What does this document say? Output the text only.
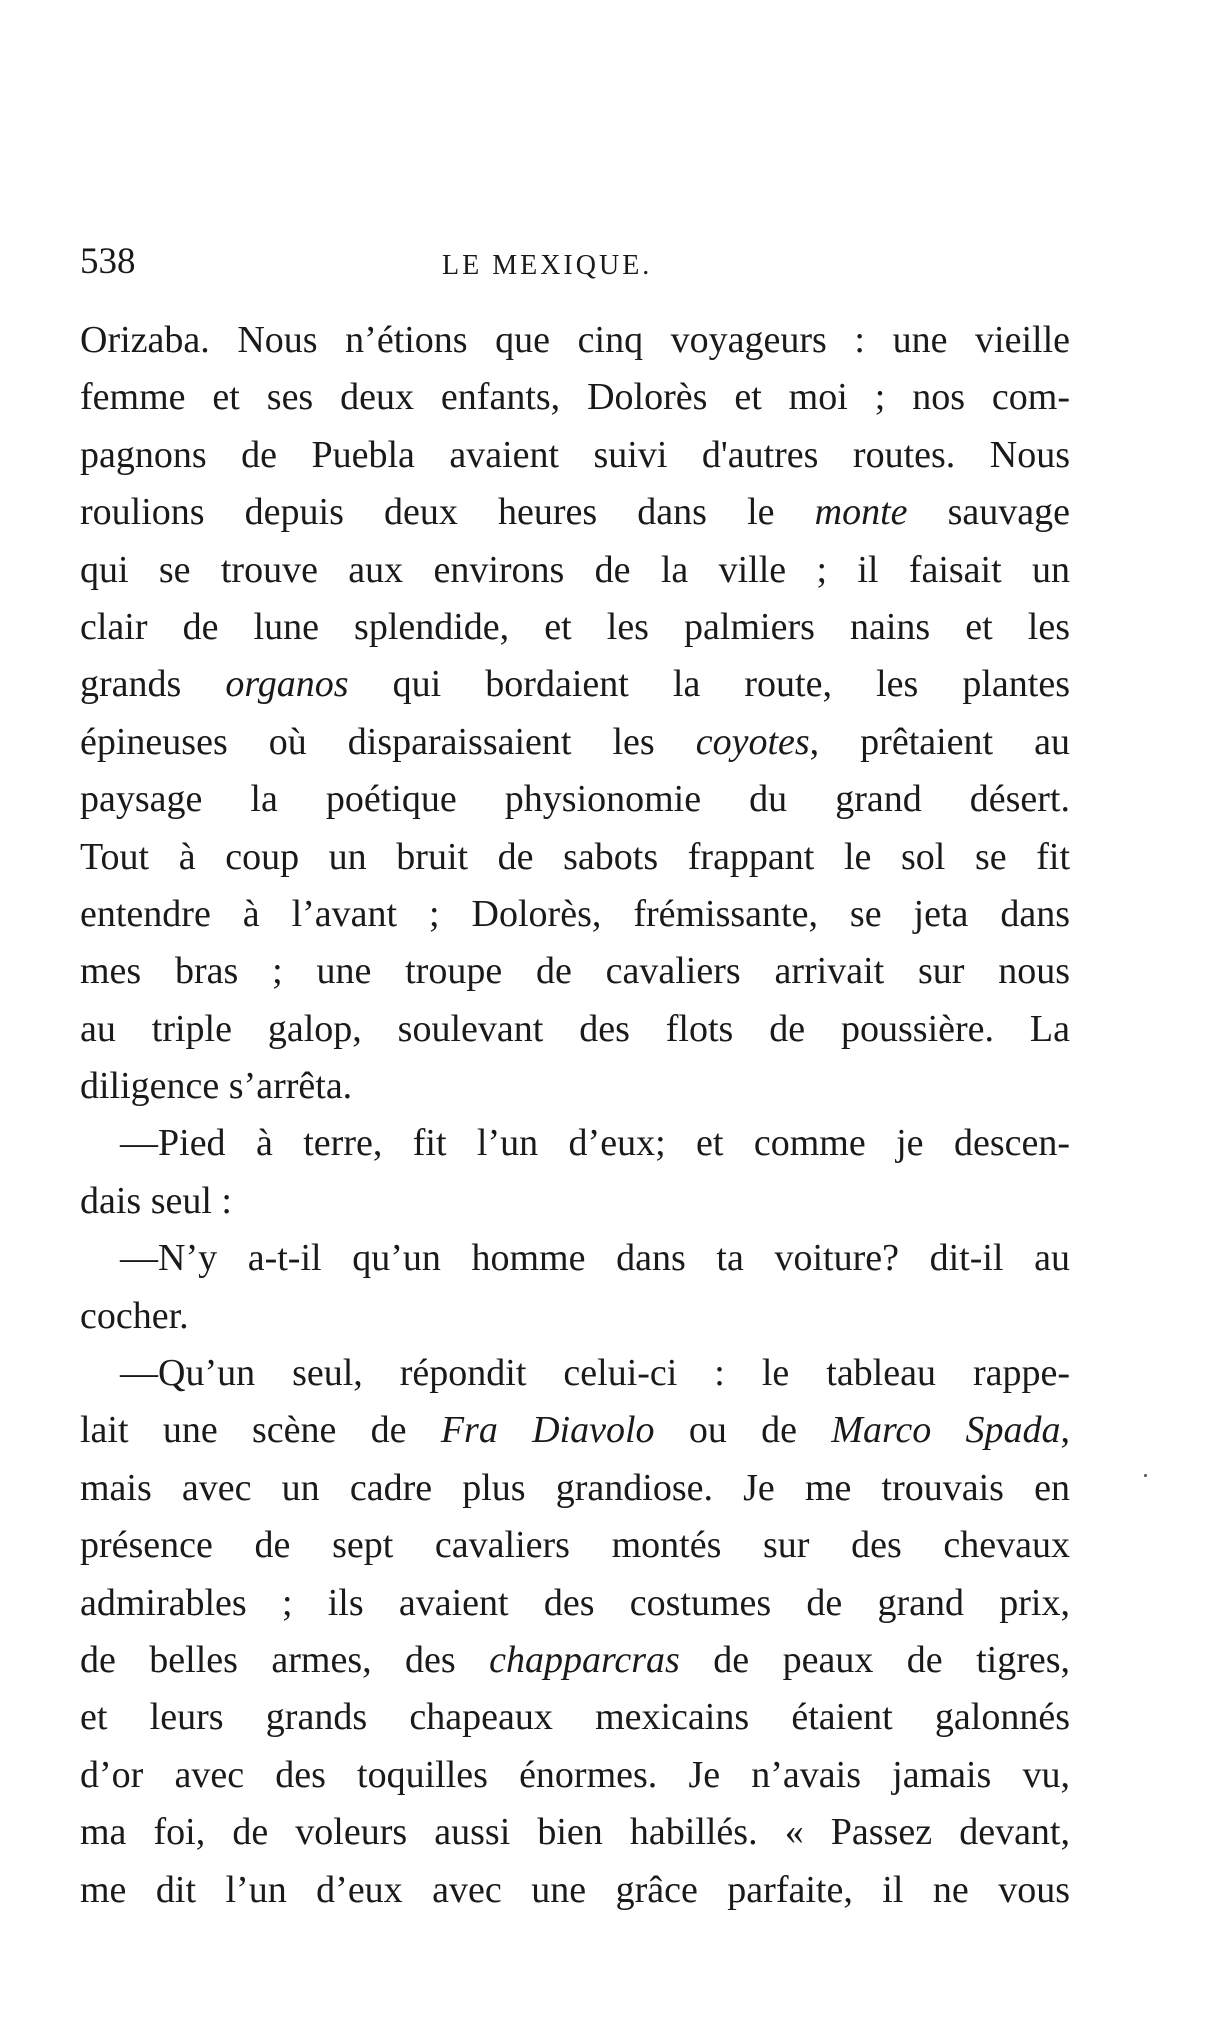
538	LE MEXIQUE.
Orizaba. Nous n’étions que cinq voyageurs : une vieille
femme et ses deux enfants, Dolorès et moi ; nos com-
pagnons de Puebla avaient suivi d'autres routes. Nous
roulions depuis deux heures dans le monte sauvage
qui se trouve aux environs de la ville ; il faisait un
clair de lune splendide, et les palmiers nains et les
grands organos qui bordaient la route, les plantes
épineuses où disparaissaient les coyotes, prêtaient au
paysage la poétique physionomie du grand désert.
Tout à coup un bruit de sabots frappant le sol se fit
entendre à l’avant ; Dolorès, frémissante, se jeta dans
mes bras ; une troupe de cavaliers arrivait sur nous
au triple galop, soulevant des flots de poussière. La
diligence s’arrêta.
—Pied à terre, fit l’un d’eux; et comme je descen-
dais seul :
—N’y a-t-il qu’un homme dans ta voiture? dit-il au
cocher.
—Qu’un seul, répondit celui-ci : le tableau rappe-
lait une scène de Fra Diavolo ou de Marco Spada,
mais avec un cadre plus grandiose. Je me trouvais en
présence de sept cavaliers montés sur des chevaux
admirables ; ils avaient des costumes de grand prix,
de belles armes, des chapparcras de peaux de tigres,
et leurs grands chapeaux mexicains étaient galonnés
d’or avec des toquilles énormes. Je n’avais jamais vu,
ma foi, de voleurs aussi bien habillés. « Passez devant,
me dit l’un d’eux avec une grâce parfaite, il ne vous
